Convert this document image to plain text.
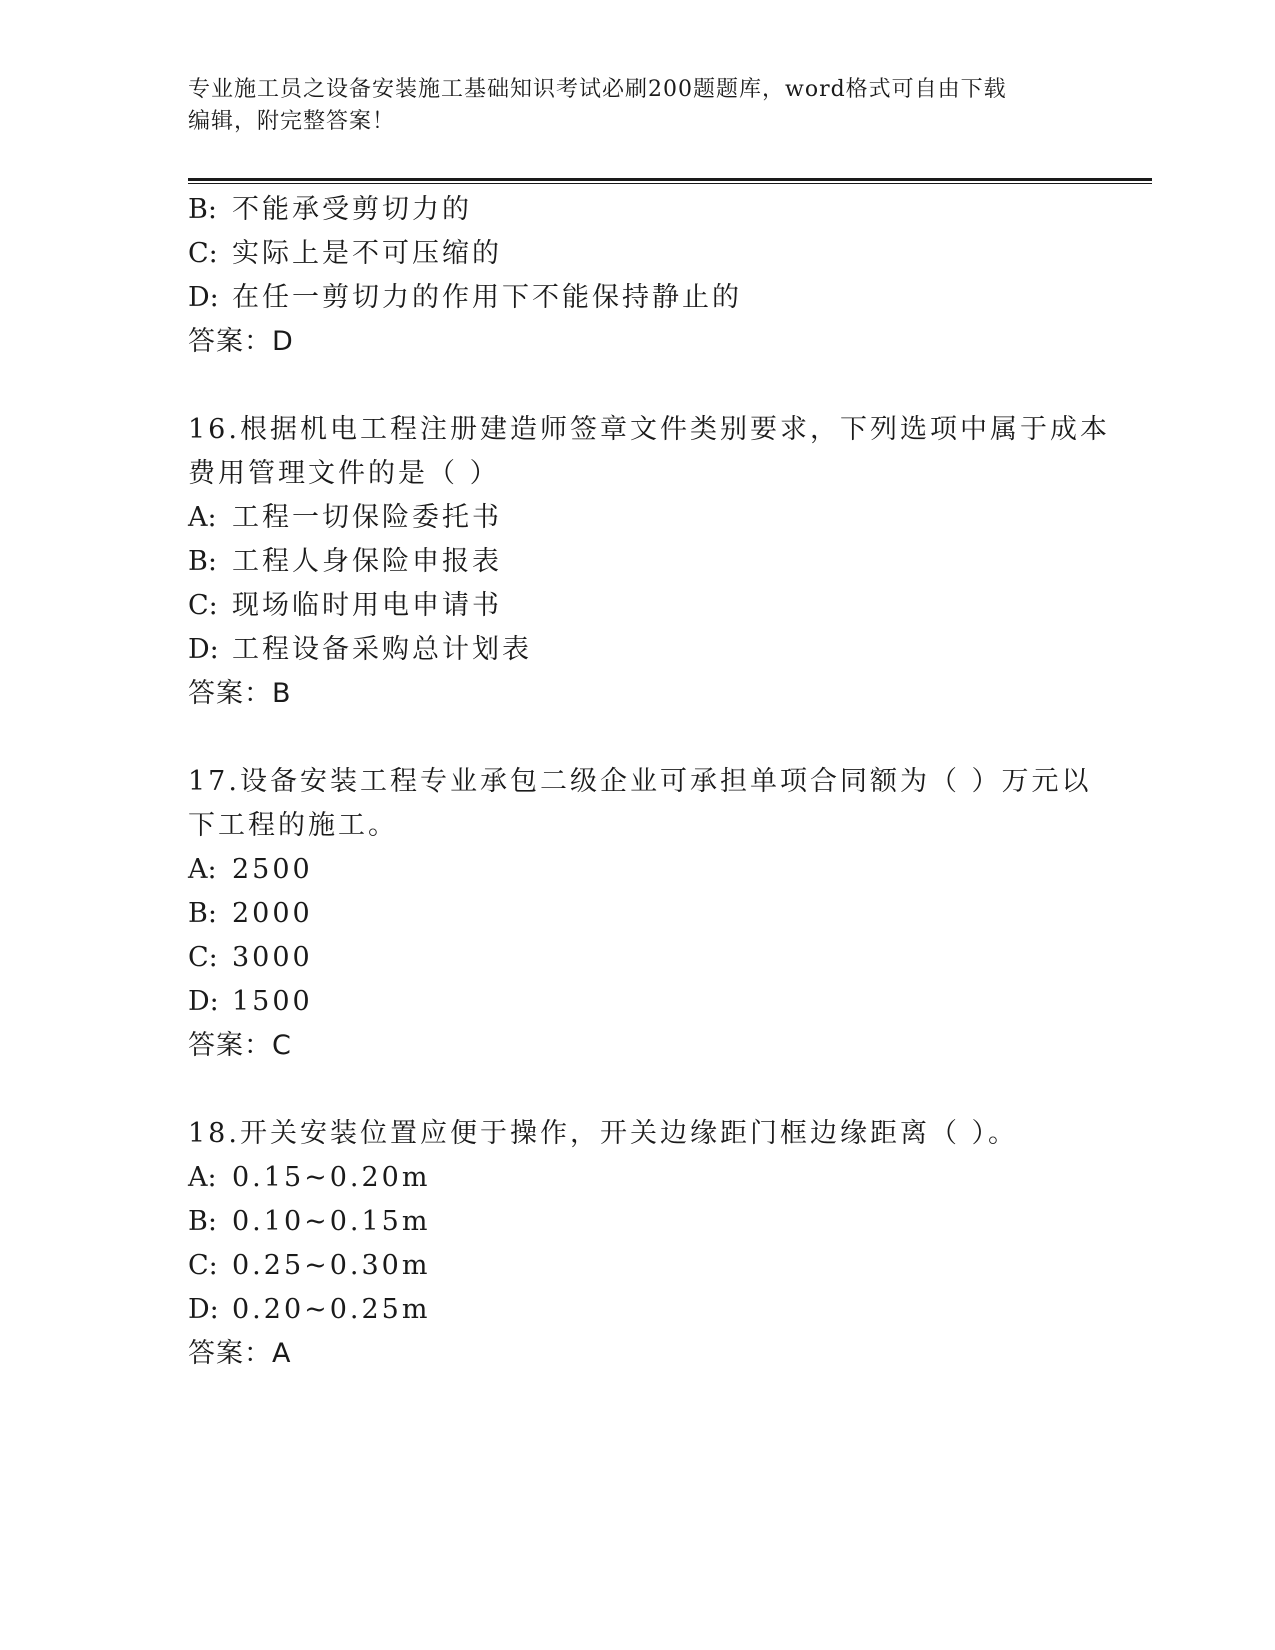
专业施工员之设备安装施工基础知识考试必刷200题题库，word格式可自由下载
编辑，附完整答案！
B: 不能承受剪切力的
C: 实际上是不可压缩的
D: 在任一剪切力的作用下不能保持静止的
答案：D
16.根据机电工程注册建造师签章文件类别要求，下列选项中属于成本
费用管理文件的是（ ）
A: 工程一切保险委托书
B: 工程人身保险申报表
C: 现场临时用电申请书
D: 工程设备采购总计划表
答案：B
17.设备安装工程专业承包二级企业可承担单项合同额为（ ）万元以
下工程的施工。
A: 2500
B: 2000
C: 3000
D: 1500
答案：C
18.开关安装位置应便于操作，开关边缘距门框边缘距离（ ）。
A: 0.15~0.20m
B: 0.10~0.15m
C: 0.25~0.30m
D: 0.20~0.25m
答案：A
